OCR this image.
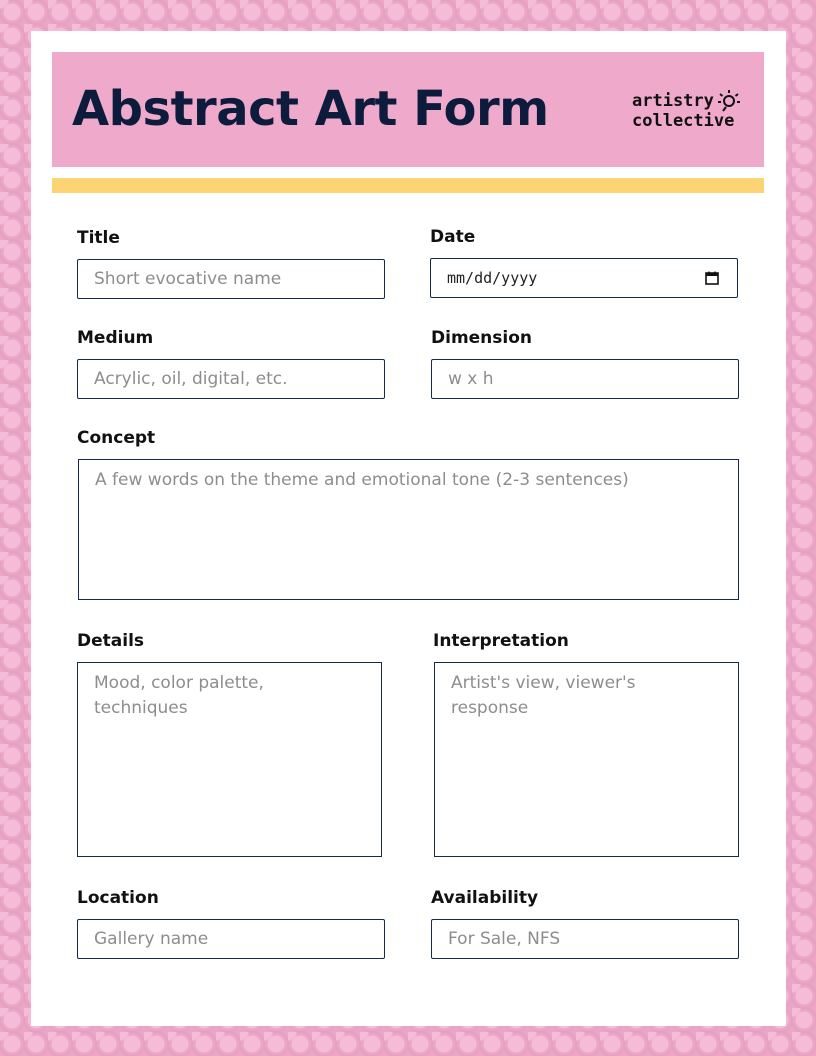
Abstract Art Form	artistry
collective
Title
Short evocative name
Date
mm/dd/yyyy
Medium
Acrylic, oil, digital, etc.
Dimension
w x h
Concept
A few words on the theme and emotional tone (2-3 sentences)
Details
Mood, color palette, techniques
Interpretation
Artist's view, viewer's response
Location
Gallery name
Availability
For Sale, NFS
